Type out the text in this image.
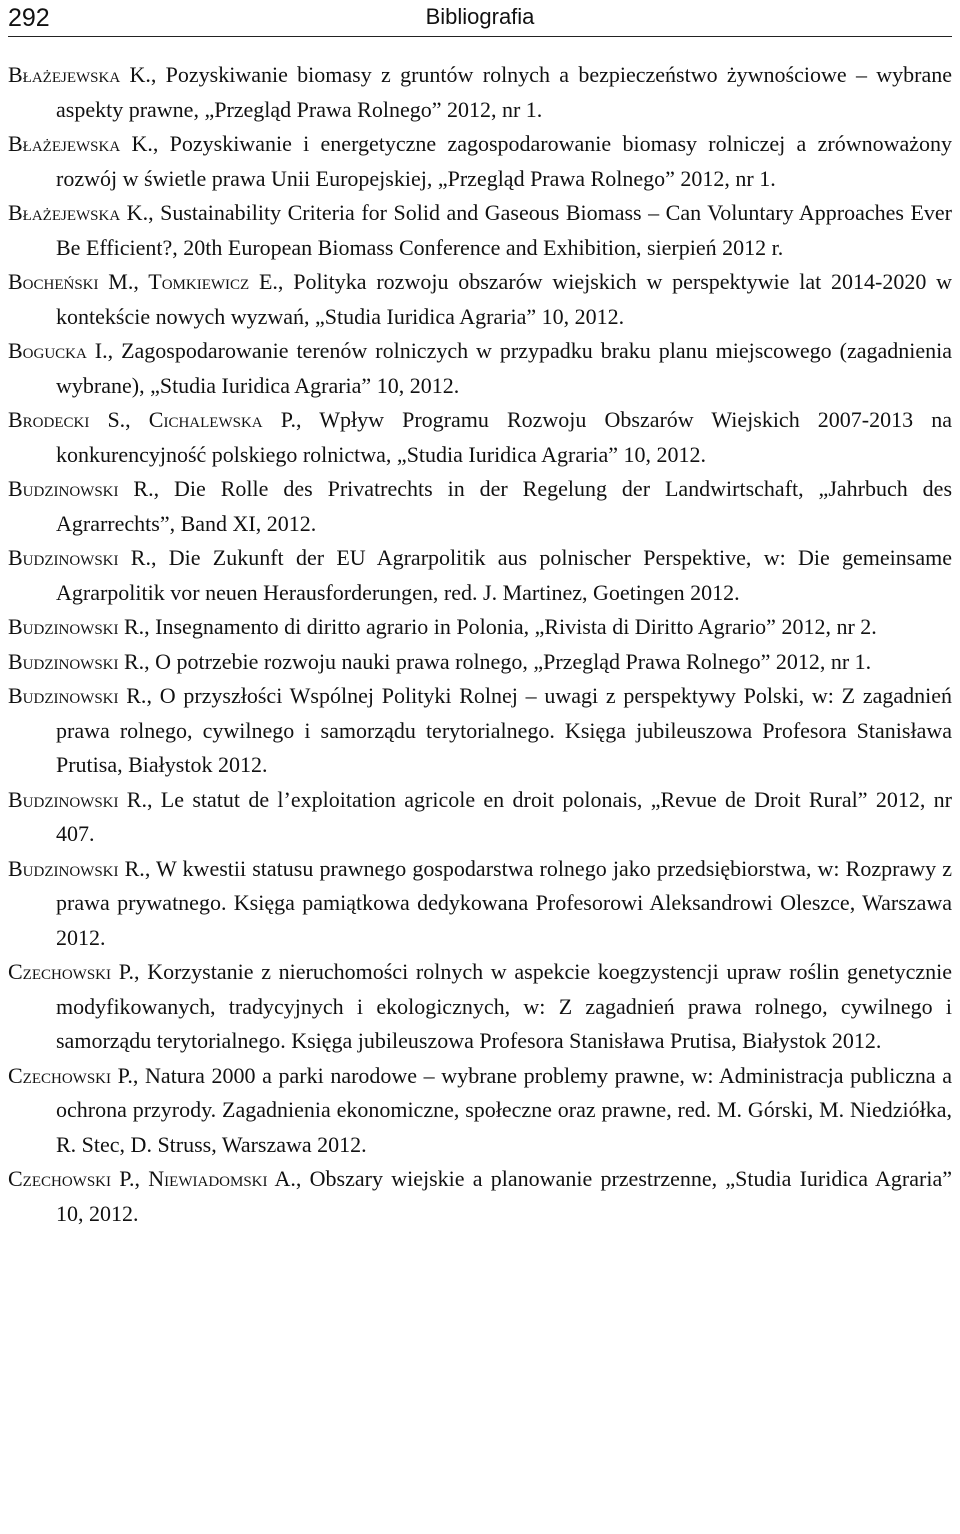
292	Bibliografia
Błażejewska K., Pozyskiwanie biomasy z gruntów rolnych a bezpieczeństwo żywnościowe – wybrane aspekty prawne, „Przegląd Prawa Rolnego” 2012, nr 1.
Błażejewska K., Pozyskiwanie i energetyczne zagospodarowanie biomasy rolniczej a zrównoważony rozwój w świetle prawa Unii Europejskiej, „Przegląd Prawa Rolnego” 2012, nr 1.
Błażejewska K., Sustainability Criteria for Solid and Gaseous Biomass – Can Voluntary Approaches Ever Be Efficient?, 20th European Biomass Conference and Exhibition, sierpień 2012 r.
Bocheński M., Tomkiewicz E., Polityka rozwoju obszarów wiejskich w perspektywie lat 2014-2020 w kontekście nowych wyzwań, „Studia Iuridica Agraria” 10, 2012.
Bogucka I., Zagospodarowanie terenów rolniczych w przypadku braku planu miejscowego (zagadnienia wybrane), „Studia Iuridica Agraria” 10, 2012.
Brodecki S., Cichalewska P., Wpływ Programu Rozwoju Obszarów Wiejskich 2007-2013 na konkurencyjność polskiego rolnictwa, „Studia Iuridica Agraria” 10, 2012.
Budzinowski R., Die Rolle des Privatrechts in der Regelung der Landwirtschaft, „Jahrbuch des Agrarrechts”, Band XI, 2012.
Budzinowski R., Die Zukunft der EU Agrarpolitik aus polnischer Perspektive, w: Die gemeinsame Agrarpolitik vor neuen Herausforderungen, red. J. Martinez, Goetingen 2012.
Budzinowski R., Insegnamento di diritto agrario in Polonia, „Rivista di Diritto Agrario” 2012, nr 2.
Budzinowski R., O potrzebie rozwoju nauki prawa rolnego, „Przegląd Prawa Rolnego” 2012, nr 1.
Budzinowski R., O przyszłości Wspólnej Polityki Rolnej – uwagi z perspektywy Polski, w: Z zagadnień prawa rolnego, cywilnego i samorządu terytorialnego. Księga jubileuszowa Profesora Stanisława Prutisa, Białystok 2012.
Budzinowski R., Le statut de l’exploitation agricole en droit polonais, „Revue de Droit Rural” 2012, nr 407.
Budzinowski R., W kwestii statusu prawnego gospodarstwa rolnego jako przedsiębiorstwa, w: Rozprawy z prawa prywatnego. Księga pamiątkowa dedykowana Profesorowi Aleksandrowi Oleszce, Warszawa 2012.
Czechowski P., Korzystanie z nieruchomości rolnych w aspekcie koegzystencji upraw roślin genetycznie modyfikowanych, tradycyjnych i ekologicznych, w: Z zagadnień prawa rolnego, cywilnego i samorządu terytorialnego. Księga jubileuszowa Profesora Stanisława Prutisa, Białystok 2012.
Czechowski P., Natura 2000 a parki narodowe – wybrane problemy prawne, w: Administracja publiczna a ochrona przyrody. Zagadnienia ekonomiczne, społeczne oraz prawne, red. M. Górski, M. Niedziółka, R. Stec, D. Struss, Warszawa 2012.
Czechowski P., Niewiadomski A., Obszary wiejskie a planowanie przestrzenne, „Studia Iuridica Agraria” 10, 2012.
